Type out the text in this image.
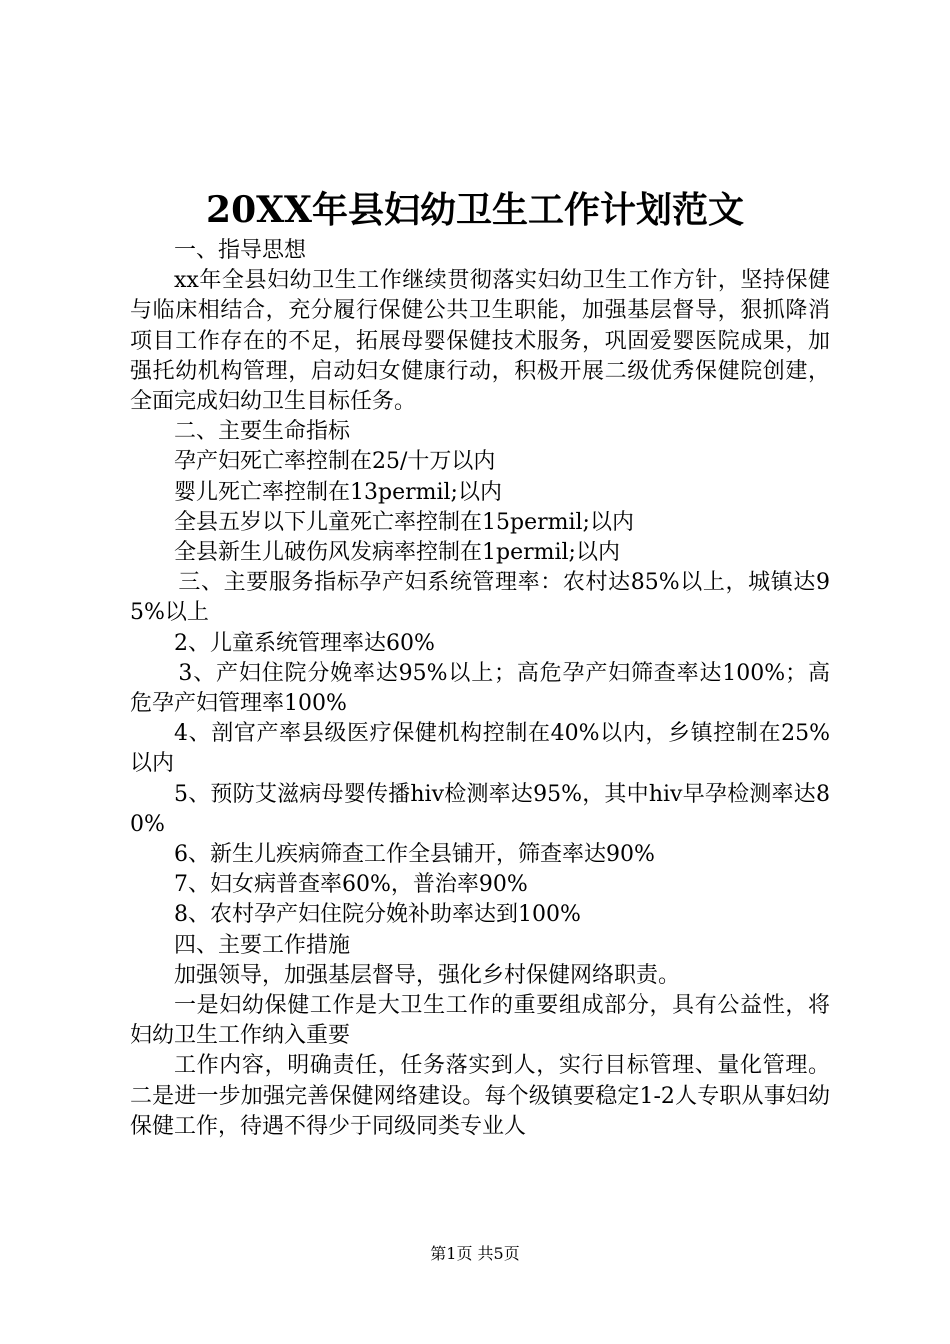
20XX年县妇幼卫生工作计划范文

一、指导思想

xx年全县妇幼卫生工作继续贯彻落实妇幼卫生工作方针，坚持保健与临床相结合，充分履行保健公共卫生职能，加强基层督导，狠抓降消项目工作存在的不足，拓展母婴保健技术服务，巩固爱婴医院成果，加强托幼机构管理，启动妇女健康行动，积极开展二级优秀保健院创建，全面完成妇幼卫生目标任务。

二、主要生命指标

孕产妇死亡率控制在25/十万以内

婴儿死亡率控制在13permil;以内

全县五岁以下儿童死亡率控制在15permil;以内

全县新生儿破伤风发病率控制在1permil;以内

三、主要服务指标孕产妇系统管理率：农村达85%以上，城镇达95%以上

2、儿童系统管理率达60%

3、产妇住院分娩率达95%以上；高危孕产妇筛查率达100%；高危孕产妇管理率100%

4、剖官产率县级医疗保健机构控制在40%以内，乡镇控制在25%以内

5、预防艾滋病母婴传播hiv检测率达95%，其中hiv早孕检测率达80%

6、新生儿疾病筛查工作全县铺开，筛查率达90%

7、妇女病普查率60%，普治率90%

8、农村孕产妇住院分娩补助率达到100%

四、主要工作措施

加强领导，加强基层督导，强化乡村保健网络职责。

一是妇幼保健工作是大卫生工作的重要组成部分，具有公益性，将妇幼卫生工作纳入重要

工作内容，明确责任，任务落实到人，实行目标管理、量化管理。二是进一步加强完善保健网络建设。每个级镇要稳定1-2人专职从事妇幼保健工作，待遇不得少于同级同类专业人

第1页 共5页
